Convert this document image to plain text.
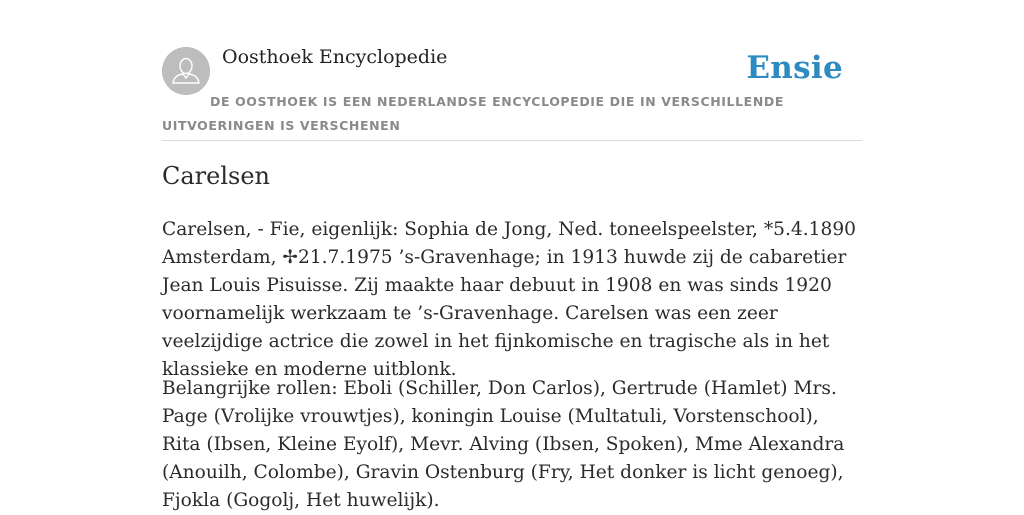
Oosthoek Encyclopedie	Ensie
DE OOSTHOEK IS EEN NEDERLANDSE ENCYCLOPEDIE DIE IN VERSCHILLENDE UITVOERINGEN IS VERSCHENEN
Carelsen

Carelsen, - Fie, eigenlijk: Sophia de Jong, Ned. toneelspeelster, *5.4.1890 Amsterdam, ✢21.7.1975 ’s-Gravenhage; in 1913 huwde zij de cabaretier Jean Louis Pisuisse. Zij maakte haar debuut in 1908 en was sinds 1920 voornamelijk werkzaam te ’s-Gravenhage. Carelsen was een zeer veelzijdige actrice die zowel in het fijnkomische en tragische als in het klassieke en moderne uitblonk.

Belangrijke rollen: Eboli (Schiller, Don Carlos), Gertrude (Hamlet) Mrs. Page (Vrolijke vrouwtjes), koningin Louise (Multatuli, Vorstenschool), Rita (Ibsen, Kleine Eyolf), Mevr. Alving (Ibsen, Spoken), Mme Alexandra (Anouilh, Colombe), Gravin Ostenburg (Fry, Het donker is licht genoeg), Fjokla (Gogolj, Het huwelijk).
